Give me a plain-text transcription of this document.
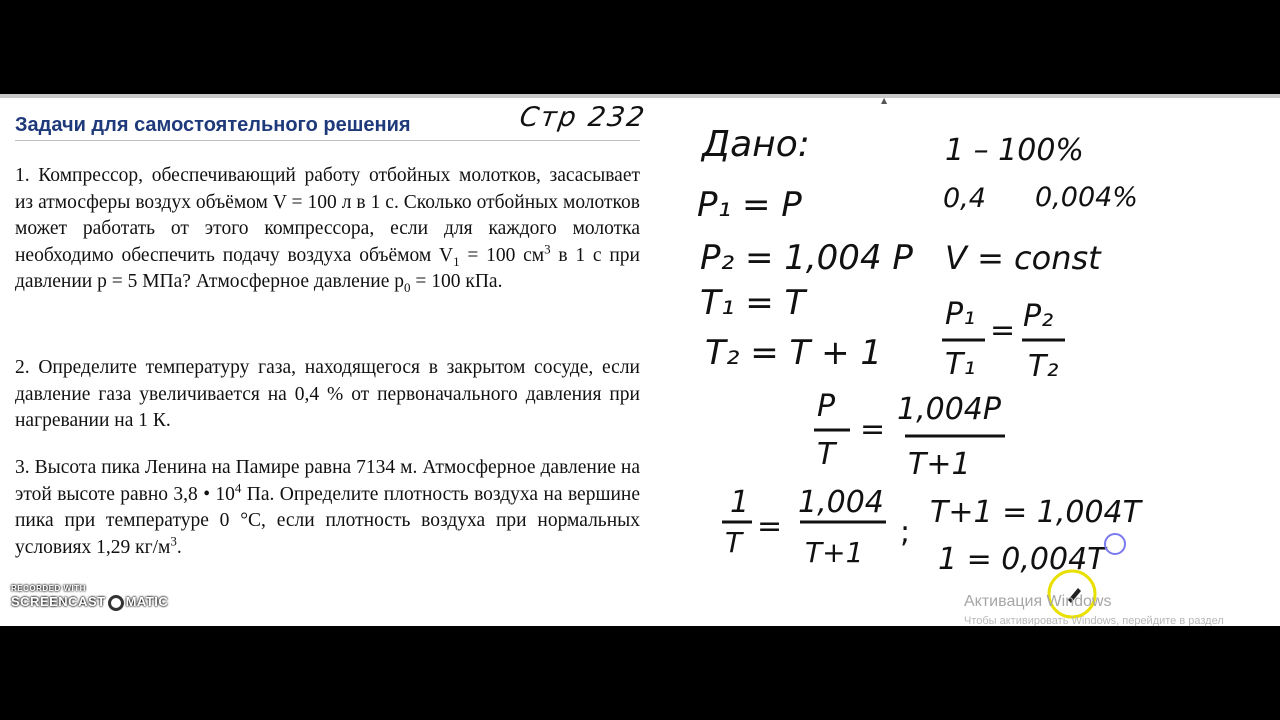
▲
Задачи для самостоятельного решения	Стр 232
1. Компрессор, обеспечивающий работу отбойных молотков, засасывает из атмосферы воздух объёмом V = 100 л в 1 с. Сколько отбойных молотков может работать от этого компрессора, если для каждого молотка необходимо обеспечить подачу воздуха объёмом $V_1 = 100$ $см^3$ в 1 с при давлении p = 5 МПа? Атмосферное давление $p_0 = 100$ кПа.
2. Определите температуру газа, находящегося в закрытом сосуде, если давление газа увеличивается на 0,4 % от первоначального давления при нагревании на 1 К.
3. Высота пика Ленина на Памире равна 7134 м. Атмосферное давление на этой высоте равно 3,8 • $10^4$ Па. Определите плотность воздуха на вершине пика при температуре 0 °С, если плотность воздуха при нормальных условиях 1,29 $кг/м^3$.
RECORDED WITH
SCREENCAST MATIC
Дано:	1 – 100%
0,4 0,004%
P₁ = P
P₂ = 1,004 P V = const
T₁ = T
T₂ = T + 1
P₁
T₁
= P₂
T₂
P
T
=
1,004P
T+1
1
T =
1,004
T+1
;
T+1 = 1,004T
1 = 0,004T
Активация Windows
Чтобы активировать Windows, перейдите в раздел
